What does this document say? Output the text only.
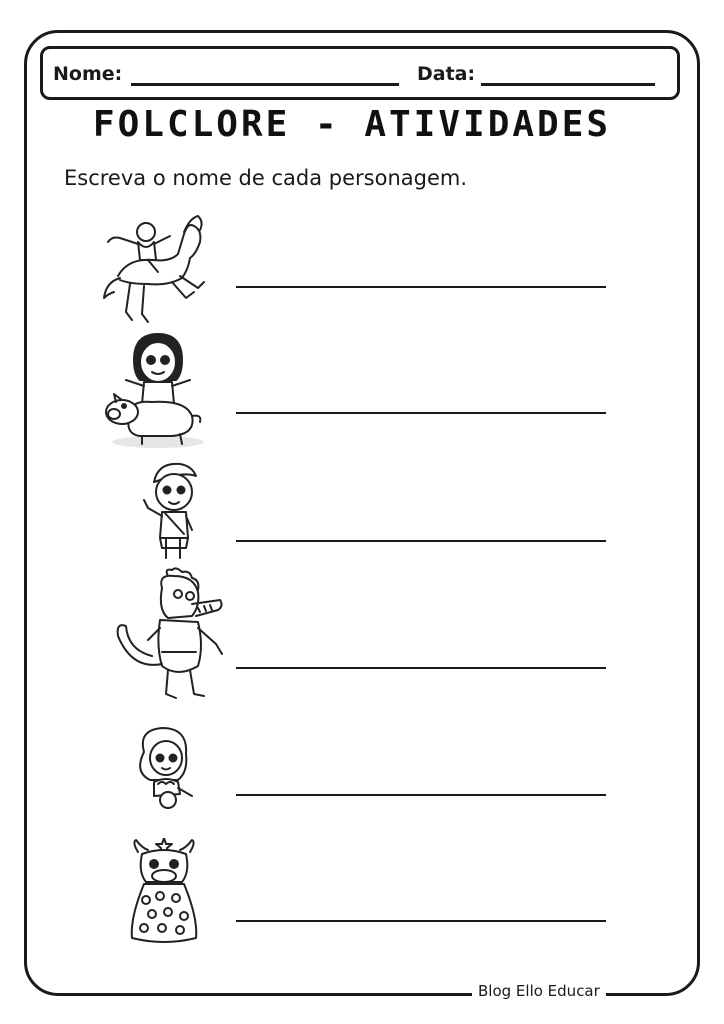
Nome:	Data:
FOLCLORE - ATIVIDADES
Escreva o nome de cada personagem.
Blog Ello Educar
